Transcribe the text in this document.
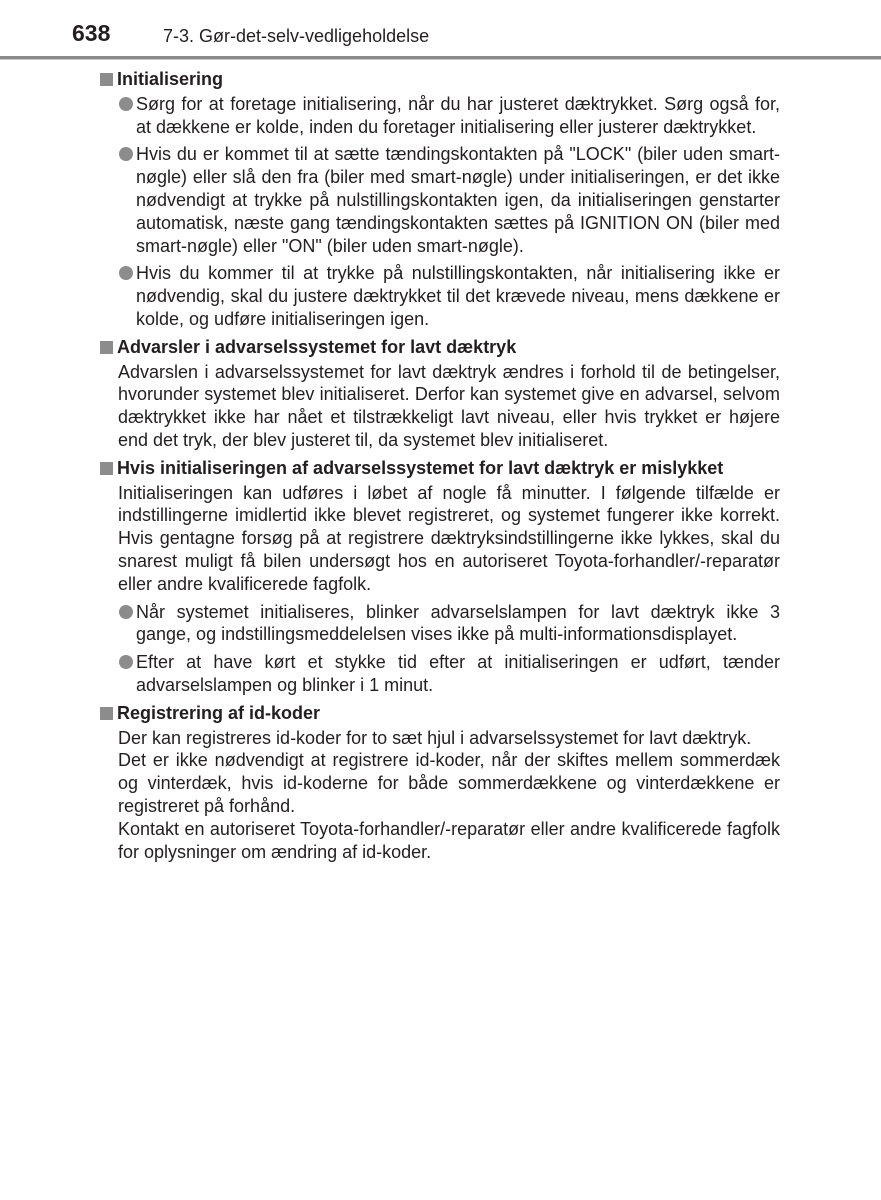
638	7-3. Gør-det-selv-vedligeholdelse
Initialisering
Sørg for at foretage initialisering, når du har justeret dæktrykket. Sørg også for, at dækkene er kolde, inden du foretager initialisering eller justerer dæktrykket.
Hvis du er kommet til at sætte tændingskontakten på "LOCK" (biler uden smart-nøgle) eller slå den fra (biler med smart-nøgle) under initialiseringen, er det ikke nødvendigt at trykke på nulstillingskontakten igen, da initialiseringen genstarter automatisk, næste gang tændingskontakten sættes på IGNITION ON (biler med smart-nøgle) eller "ON" (biler uden smart-nøgle).
Hvis du kommer til at trykke på nulstillingskontakten, når initialisering ikke er nødvendig, skal du justere dæktrykket til det krævede niveau, mens dækkene er kolde, og udføre initialiseringen igen.
Advarsler i advarselssystemet for lavt dæktryk
Advarslen i advarselssystemet for lavt dæktryk ændres i forhold til de betingelser, hvorunder systemet blev initialiseret. Derfor kan systemet give en advarsel, selvom dæktrykket ikke har nået et tilstrækkeligt lavt niveau, eller hvis trykket er højere end det tryk, der blev justeret til, da systemet blev initialiseret.
Hvis initialiseringen af advarselssystemet for lavt dæktryk er mislykket
Initialiseringen kan udføres i løbet af nogle få minutter. I følgende tilfælde er indstillingerne imidlertid ikke blevet registreret, og systemet fungerer ikke korrekt. Hvis gentagne forsøg på at registrere dæktryksindstillingerne ikke lykkes, skal du snarest muligt få bilen undersøgt hos en autoriseret Toyota-forhandler/-reparatør eller andre kvalificerede fagfolk.
Når systemet initialiseres, blinker advarselslampen for lavt dæktryk ikke 3 gange, og indstillingsmeddelelsen vises ikke på multi-informationsdisplayet.
Efter at have kørt et stykke tid efter at initialiseringen er udført, tænder advarselslampen og blinker i 1 minut.
Registrering af id-koder
Der kan registreres id-koder for to sæt hjul i advarselssystemet for lavt dæktryk.
Det er ikke nødvendigt at registrere id-koder, når der skiftes mellem sommerdæk og vinterdæk, hvis id-koderne for både sommerdækkene og vinterdækkene er registreret på forhånd.
Kontakt en autoriseret Toyota-forhandler/-reparatør eller andre kvalificerede fagfolk for oplysninger om ændring af id-koder.
